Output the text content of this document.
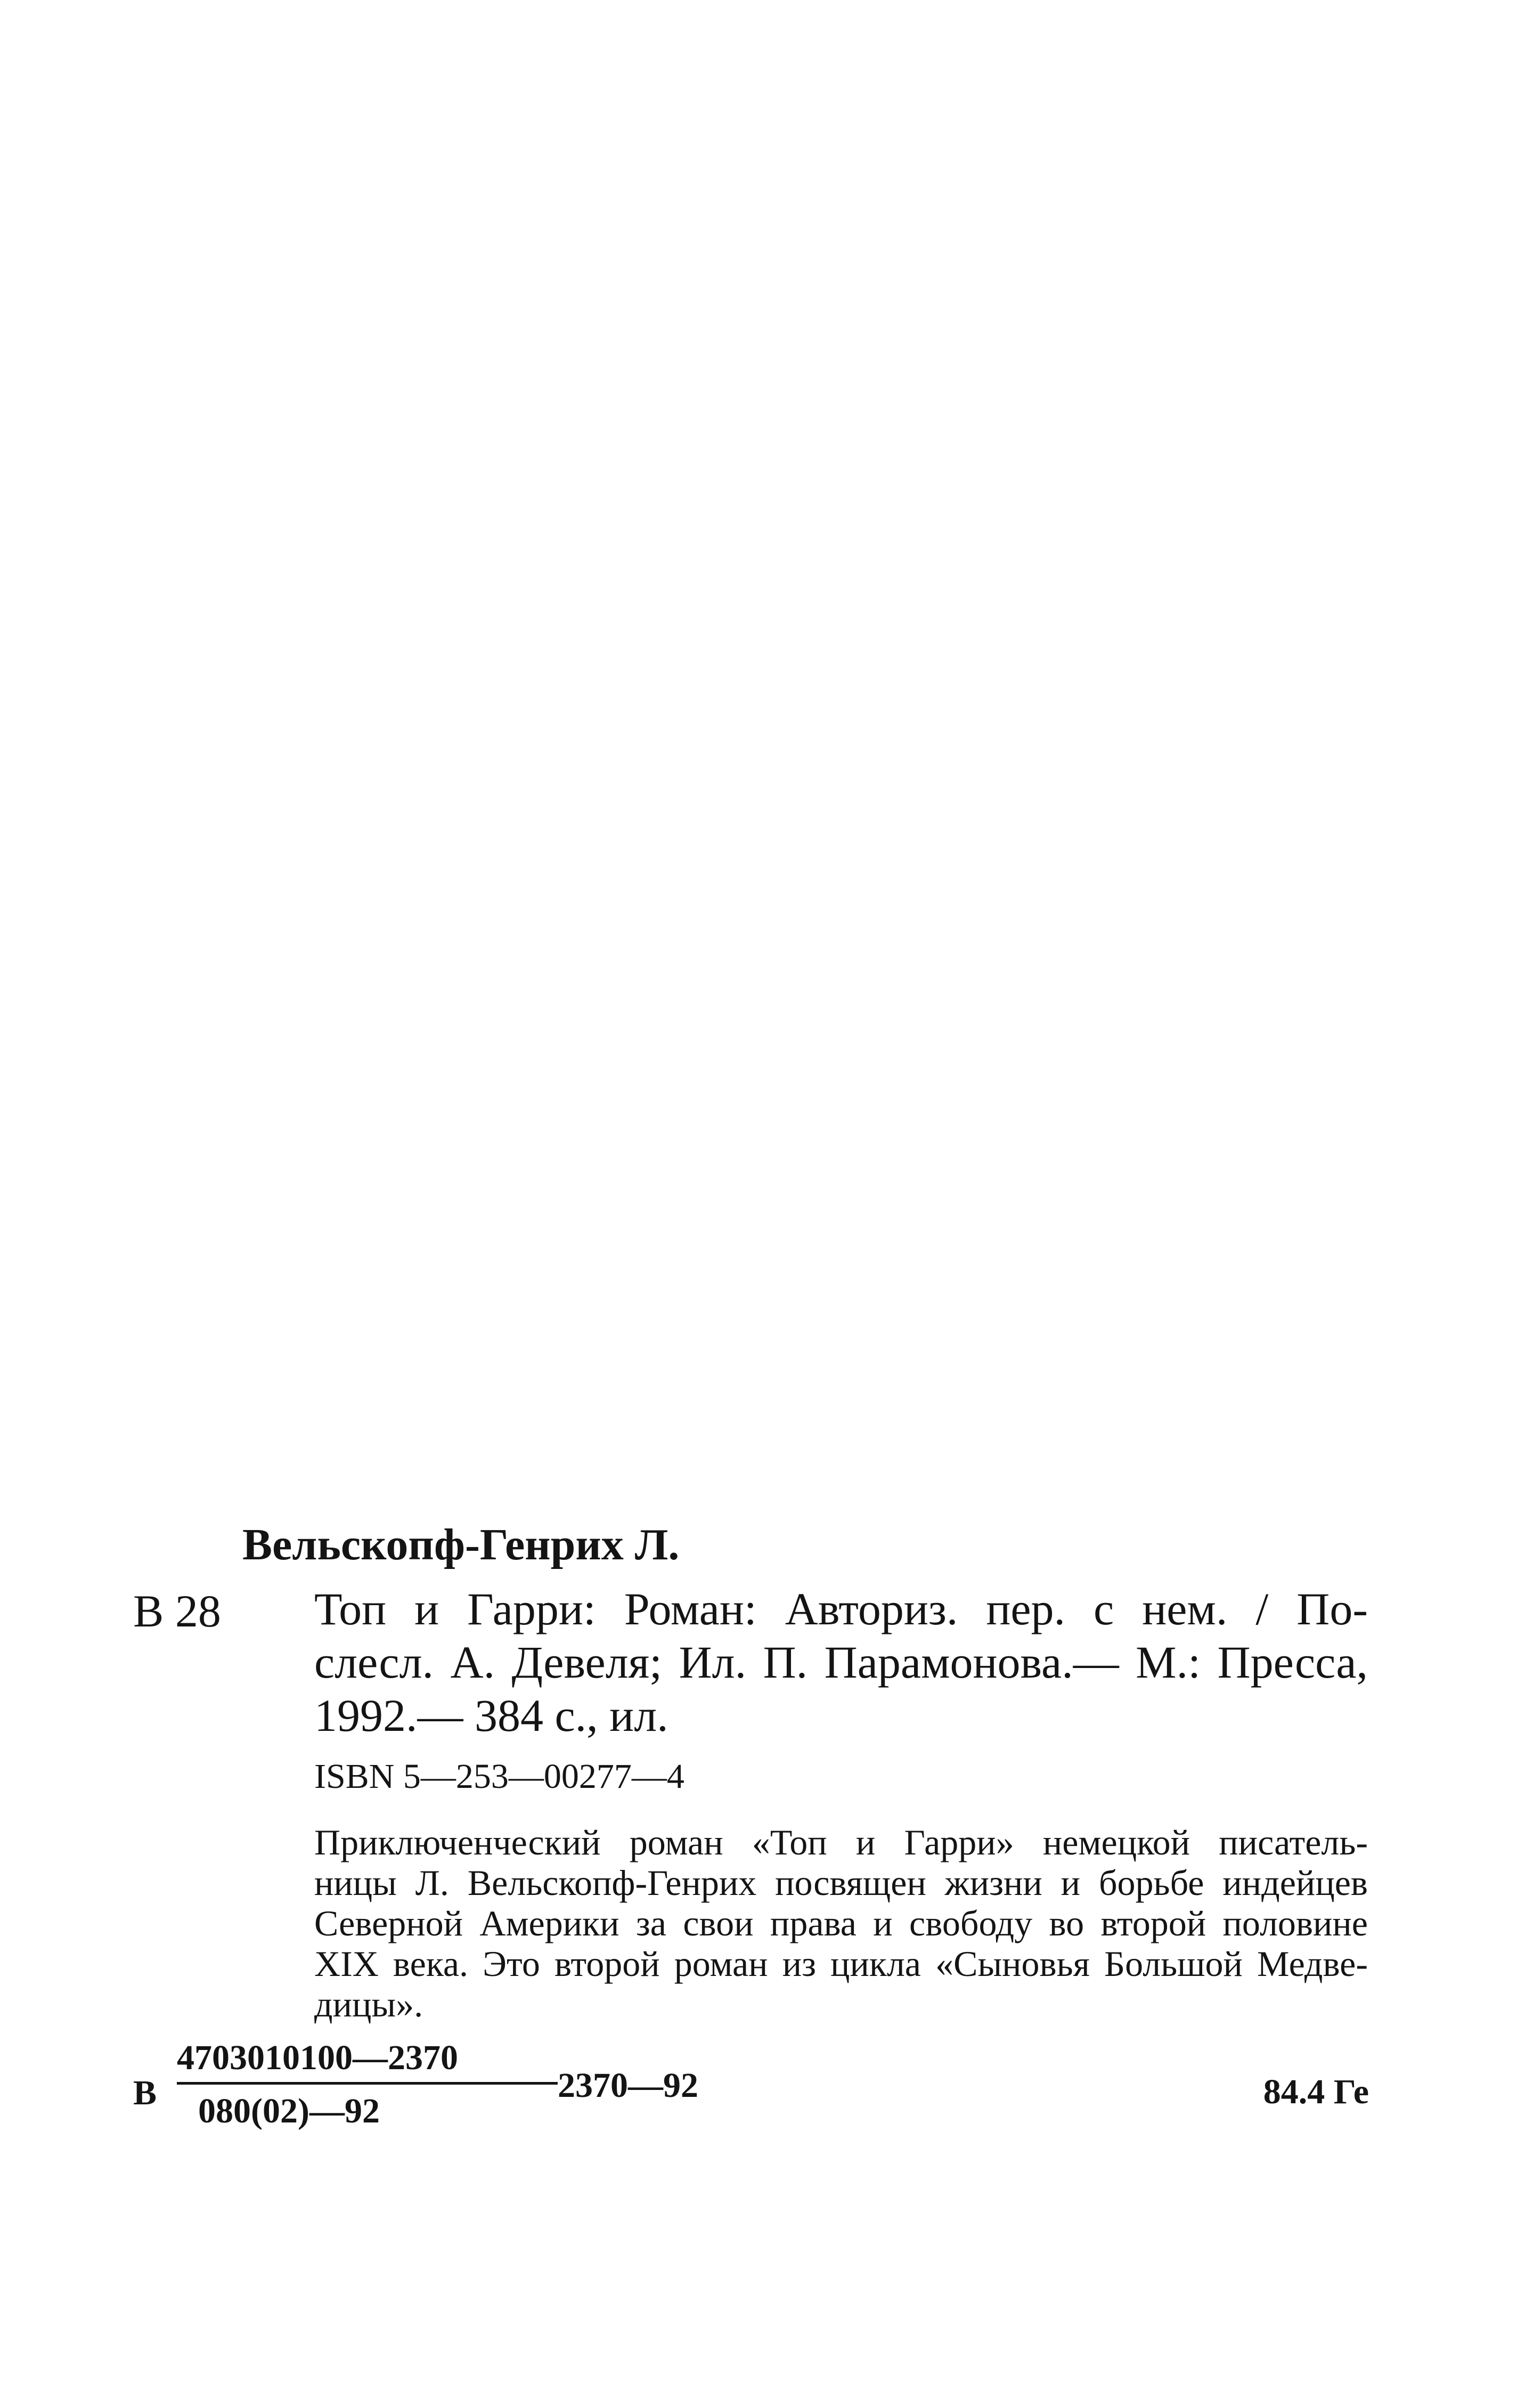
Вельскопф-Генрих Л.
В 28 Топ и Гарри: Роман: Авториз. пер. с нем. / По-
слесл. А. Девеля; Ил. П. Парамонова.— М.: Пресса,
1992.— 384 с., ил.
ISBN 5—253—00277—4
Приключенческий роман «Топ и Гарри» немецкой писатель-
ницы Л. Вельскопф-Генрих посвящен жизни и борьбе индейцев
Северной Америки за свои права и свободу во второй половине
XIX века. Это второй роман из цикла «Сыновья Большой Медве-
дицы».
В
4703010100—2370
080(02)—92
2370—92	84.4 Ге
